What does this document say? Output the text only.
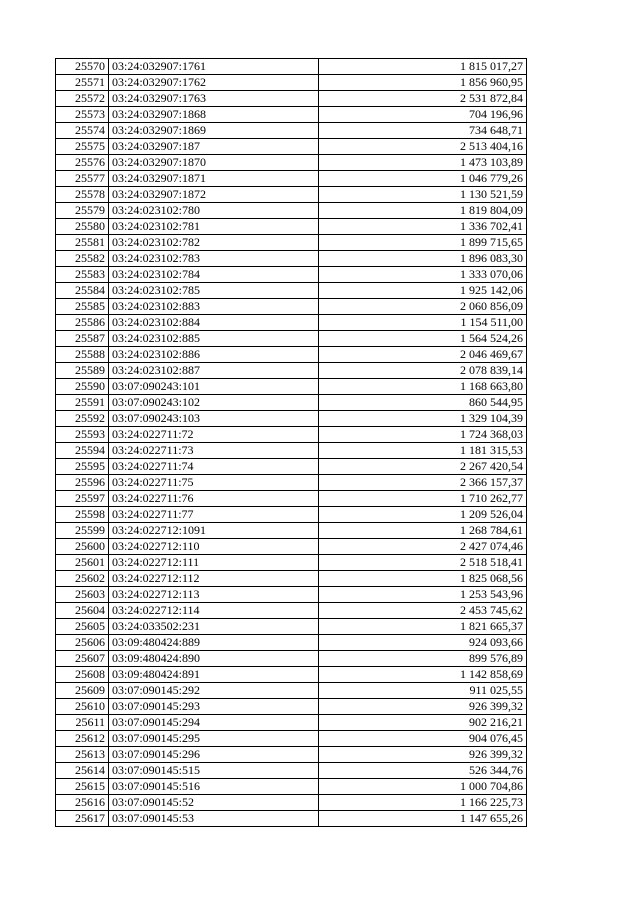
25570	03:24:032907:1761	1 815 017,27
25571	03:24:032907:1762	1 856 960,95
25572	03:24:032907:1763	2 531 872,84
25573	03:24:032907:1868	704 196,96
25574	03:24:032907:1869	734 648,71
25575	03:24:032907:187	2 513 404,16
25576	03:24:032907:1870	1 473 103,89
25577	03:24:032907:1871	1 046 779,26
25578	03:24:032907:1872	1 130 521,59
25579	03:24:023102:780	1 819 804,09
25580	03:24:023102:781	1 336 702,41
25581	03:24:023102:782	1 899 715,65
25582	03:24:023102:783	1 896 083,30
25583	03:24:023102:784	1 333 070,06
25584	03:24:023102:785	1 925 142,06
25585	03:24:023102:883	2 060 856,09
25586	03:24:023102:884	1 154 511,00
25587	03:24:023102:885	1 564 524,26
25588	03:24:023102:886	2 046 469,67
25589	03:24:023102:887	2 078 839,14
25590	03:07:090243:101	1 168 663,80
25591	03:07:090243:102	860 544,95
25592	03:07:090243:103	1 329 104,39
25593	03:24:022711:72	1 724 368,03
25594	03:24:022711:73	1 181 315,53
25595	03:24:022711:74	2 267 420,54
25596	03:24:022711:75	2 366 157,37
25597	03:24:022711:76	1 710 262,77
25598	03:24:022711:77	1 209 526,04
25599	03:24:022712:1091	1 268 784,61
25600	03:24:022712:110	2 427 074,46
25601	03:24:022712:111	2 518 518,41
25602	03:24:022712:112	1 825 068,56
25603	03:24:022712:113	1 253 543,96
25604	03:24:022712:114	2 453 745,62
25605	03:24:033502:231	1 821 665,37
25606	03:09:480424:889	924 093,66
25607	03:09:480424:890	899 576,89
25608	03:09:480424:891	1 142 858,69
25609	03:07:090145:292	911 025,55
25610	03:07:090145:293	926 399,32
25611	03:07:090145:294	902 216,21
25612	03:07:090145:295	904 076,45
25613	03:07:090145:296	926 399,32
25614	03:07:090145:515	526 344,76
25615	03:07:090145:516	1 000 704,86
25616	03:07:090145:52	1 166 225,73
25617	03:07:090145:53	1 147 655,26
